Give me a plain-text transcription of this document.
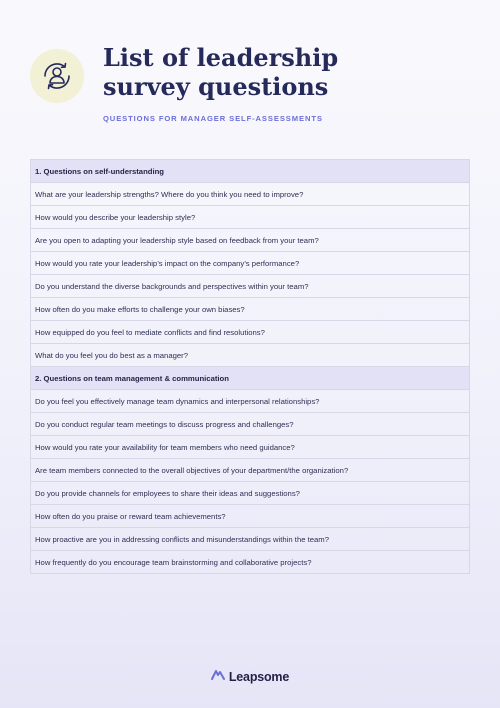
List of leadership survey questions
QUESTIONS FOR MANAGER SELF-ASSESSMENTS
1. Questions on self-understanding
What are your leadership strengths? Where do you think you need to improve?
How would you describe your leadership style?
Are you open to adapting your leadership style based on feedback from your team?
How would you rate your leadership’s impact on the company’s performance?
Do you understand the diverse backgrounds and perspectives within your team?
How often do you make efforts to challenge your own biases?
How equipped do you feel to mediate conflicts and find resolutions?
What do you feel you do best as a manager?
2. Questions on team management & communication
Do you feel you effectively manage team dynamics and interpersonal relationships?
Do you conduct regular team meetings to discuss progress and challenges?
How would you rate your availability for team members who need guidance?
Are team members connected to the overall objectives of your department/the organization?
Do you provide channels for employees to share their ideas and suggestions?
How often do you praise or reward team achievements?
How proactive are you in addressing conflicts and misunderstandings within the team?
How frequently do you encourage team brainstorming and collaborative projects?
Leapsome
